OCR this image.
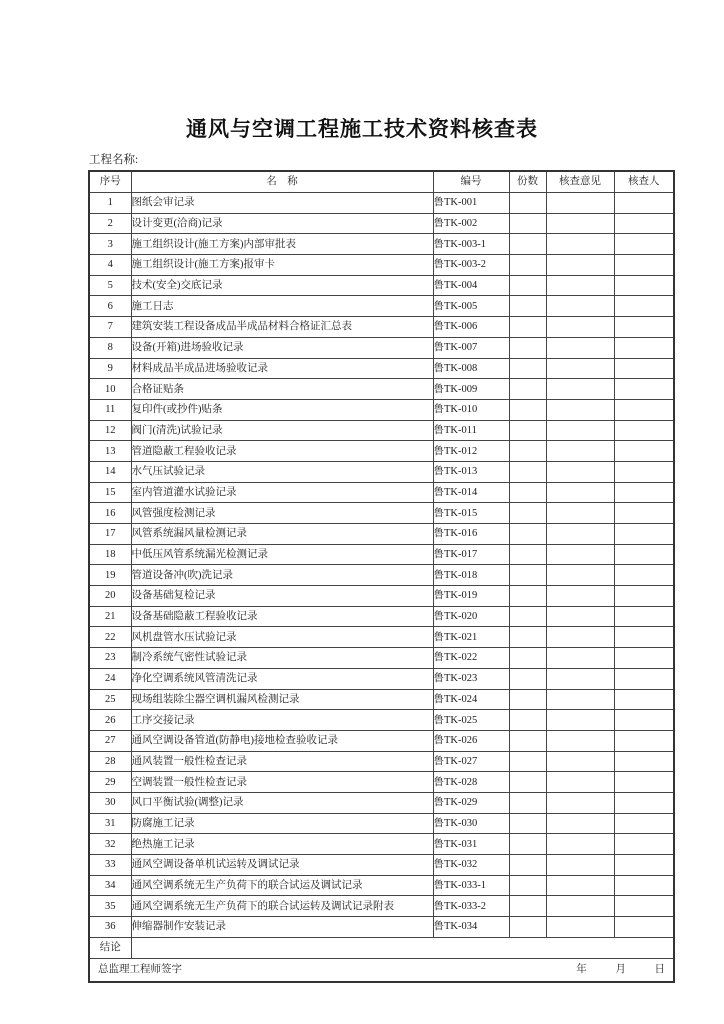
通风与空调工程施工技术资料核查表
工程名称:
序号	名　称	编号	份数	核查意见	核查人
1	图纸会审记录	鲁TK-001			
2	设计变更(洽商)记录	鲁TK-002			
3	施工组织设计(施工方案)内部审批表	鲁TK-003-1			
4	施工组织设计(施工方案)报审卡	鲁TK-003-2			
5	技术(安全)交底记录	鲁TK-004			
6	施工日志	鲁TK-005			
7	建筑安装工程设备成品半成品材料合格证汇总表	鲁TK-006			
8	设备(开箱)进场验收记录	鲁TK-007			
9	材料成品半成品进场验收记录	鲁TK-008			
10	合格证贴条	鲁TK-009			
11	复印件(或抄件)贴条	鲁TK-010			
12	阀门(清洗)试验记录	鲁TK-011			
13	管道隐蔽工程验收记录	鲁TK-012			
14	水气压试验记录	鲁TK-013			
15	室内管道灌水试验记录	鲁TK-014			
16	风管强度检测记录	鲁TK-015			
17	风管系统漏风量检测记录	鲁TK-016			
18	中低压风管系统漏光检测记录	鲁TK-017			
19	管道设备冲(吹)洗记录	鲁TK-018			
20	设备基础复检记录	鲁TK-019			
21	设备基础隐蔽工程验收记录	鲁TK-020			
22	风机盘管水压试验记录	鲁TK-021			
23	制冷系统气密性试验记录	鲁TK-022			
24	净化空调系统风管清洗记录	鲁TK-023			
25	现场组装除尘器空调机漏风检测记录	鲁TK-024			
26	工序交接记录	鲁TK-025			
27	通风空调设备管道(防静电)接地检查验收记录	鲁TK-026			
28	通风装置一般性检查记录	鲁TK-027			
29	空调装置一般性检查记录	鲁TK-028			
30	风口平衡试验(调整)记录	鲁TK-029			
31	防腐施工记录	鲁TK-030			
32	绝热施工记录	鲁TK-031			
33	通风空调设备单机试运转及调试记录	鲁TK-032			
34	通风空调系统无生产负荷下的联合试运及调试记录	鲁TK-033-1			
35	通风空调系统无生产负荷下的联合试运转及调试记录附表	鲁TK-033-2			
36	伸缩器制作安装记录	鲁TK-034			
结论					

总监理工程师签字 年 月 日					
